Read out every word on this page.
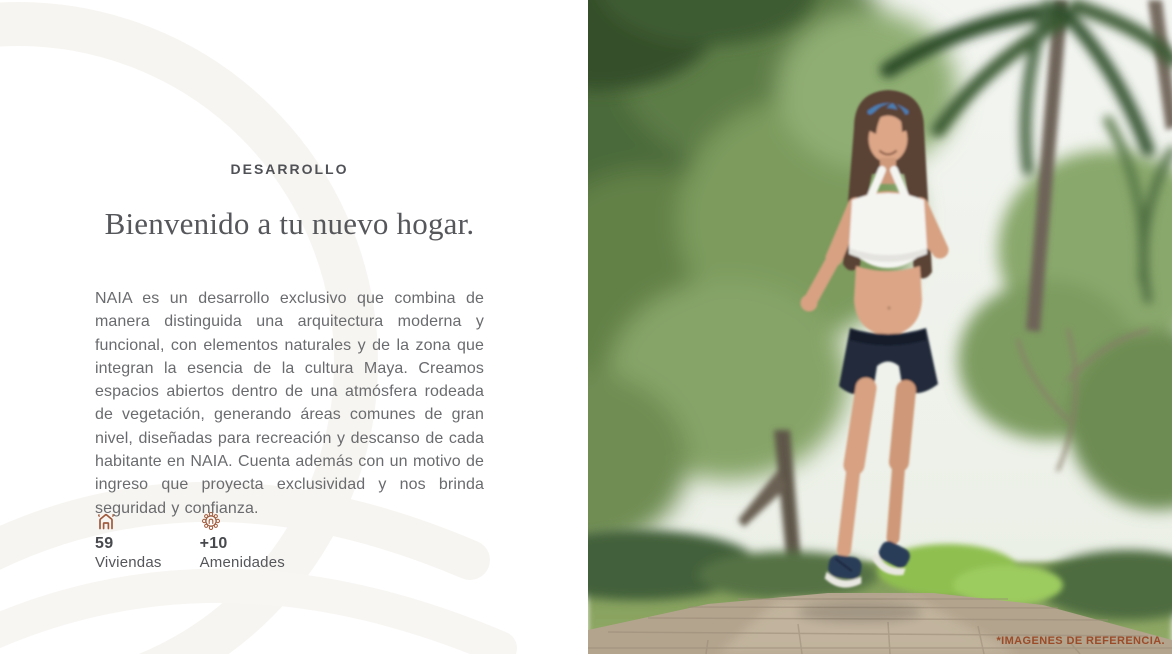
DESARROLLO
Bienvenido a tu nuevo hogar.

NAIA es un desarrollo exclusivo que combina de manera distinguida una arquitectura moderna y funcional, con elementos naturales y de la zona que integran la esencia de la cultura Maya. Creamos espacios abiertos dentro de una atmósfera rodeada de vegetación, generando áreas comunes de gran nivel, diseñadas para recreación y descanso de cada habitante en NAIA. Cuenta además con un motivo de ingreso que proyecta exclusividad y nos brinda seguridad y confianza.

59
Viviendas
+10
Amenidades
*IMAGENES DE REFERENCIA.
